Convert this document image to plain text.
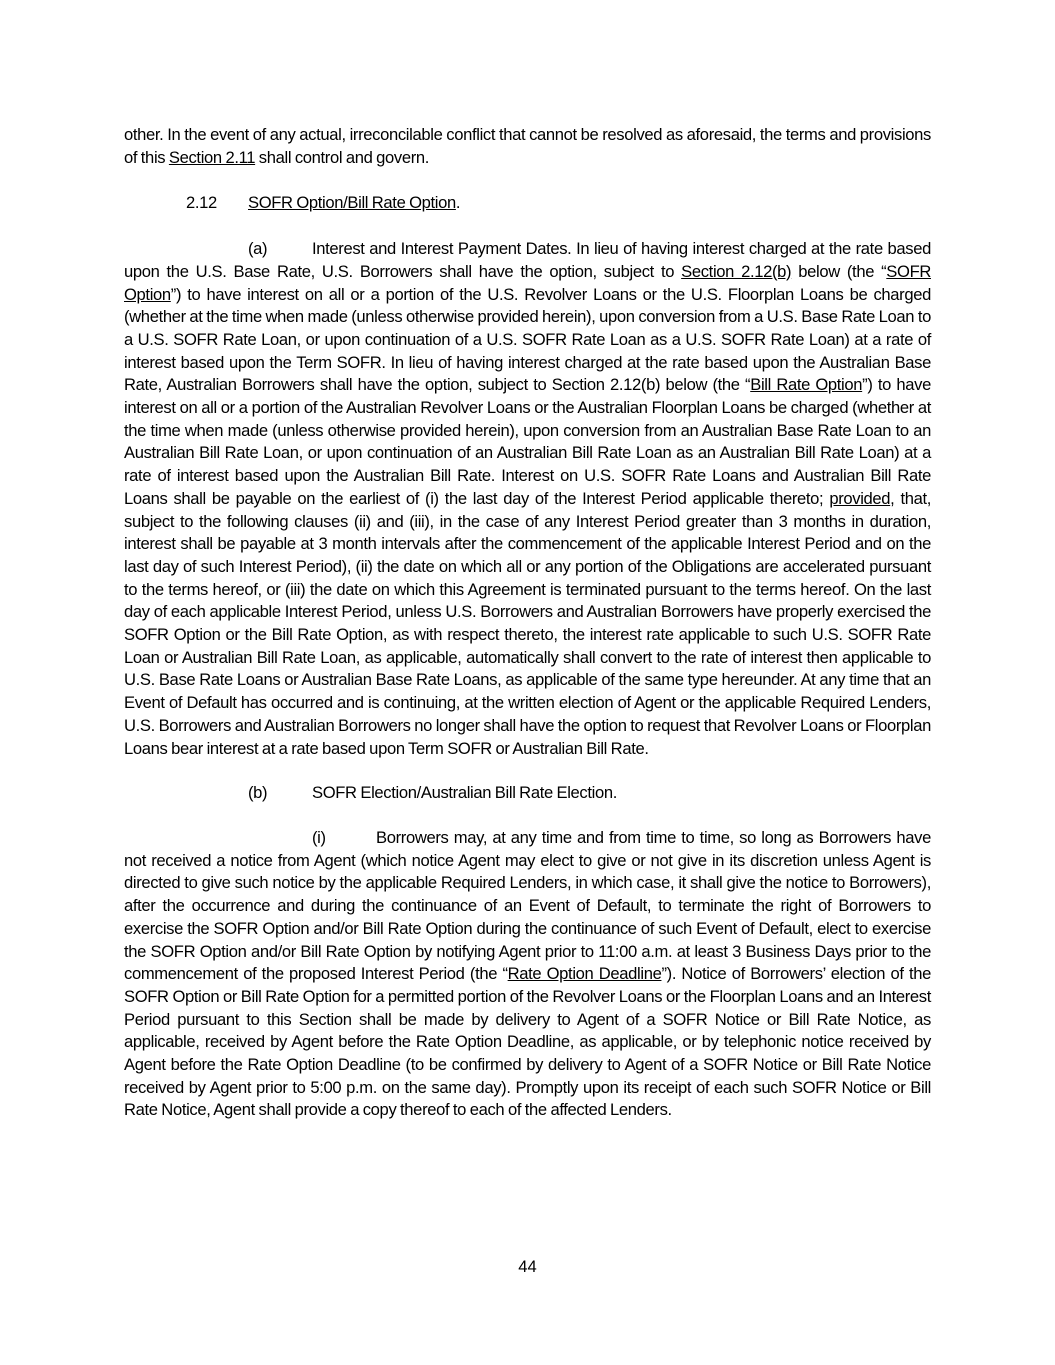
other. In the event of any actual, irreconcilable conflict that cannot be resolved as aforesaid, the terms and provisions of this Section 2.11 shall control and govern.

2.12	SOFR Option/Bill Rate Option.

(a)	Interest and Interest Payment Dates. In lieu of having interest charged at the rate based upon the U.S. Base Rate, U.S. Borrowers shall have the option, subject to Section 2.12(b) below (the “SOFR Option”) to have interest on all or a portion of the U.S. Revolver Loans or the U.S. Floorplan Loans be charged (whether at the time when made (unless otherwise provided herein), upon conversion from a U.S. Base Rate Loan to a U.S. SOFR Rate Loan, or upon continuation of a U.S. SOFR Rate Loan as a U.S. SOFR Rate Loan) at a rate of interest based upon the Term SOFR. In lieu of having interest charged at the rate based upon the Australian Base Rate, Australian Borrowers shall have the option, subject to Section 2.12(b) below (the “Bill Rate Option”) to have interest on all or a portion of the Australian Revolver Loans or the Australian Floorplan Loans be charged (whether at the time when made (unless otherwise provided herein), upon conversion from an Australian Base Rate Loan to an Australian Bill Rate Loan, or upon continuation of an Australian Bill Rate Loan as an Australian Bill Rate Loan) at a rate of interest based upon the Australian Bill Rate. Interest on U.S. SOFR Rate Loans and Australian Bill Rate Loans shall be payable on the earliest of (i) the last day of the Interest Period applicable thereto; provided, that, subject to the following clauses (ii) and (iii), in the case of any Interest Period greater than 3 months in duration, interest shall be payable at 3 month intervals after the commencement of the applicable Interest Period and on the last day of such Interest Period), (ii) the date on which all or any portion of the Obligations are accelerated pursuant to the terms hereof, or (iii) the date on which this Agreement is terminated pursuant to the terms hereof. On the last day of each applicable Interest Period, unless U.S. Borrowers and Australian Borrowers have properly exercised the SOFR Option or the Bill Rate Option, as with respect thereto, the interest rate applicable to such U.S. SOFR Rate Loan or Australian Bill Rate Loan, as applicable, automatically shall convert to the rate of interest then applicable to U.S. Base Rate Loans or Australian Base Rate Loans, as applicable of the same type hereunder. At any time that an Event of Default has occurred and is continuing, at the written election of Agent or the applicable Required Lenders, U.S. Borrowers and Australian Borrowers no longer shall have the option to request that Revolver Loans or Floorplan Loans bear interest at a rate based upon Term SOFR or Australian Bill Rate.

(b)	SOFR Election/Australian Bill Rate Election.

(i)	Borrowers may, at any time and from time to time, so long as Borrowers have not received a notice from Agent (which notice Agent may elect to give or not give in its discretion unless Agent is directed to give such notice by the applicable Required Lenders, in which case, it shall give the notice to Borrowers), after the occurrence and during the continuance of an Event of Default, to terminate the right of Borrowers to exercise the SOFR Option and/or Bill Rate Option during the continuance of such Event of Default, elect to exercise the SOFR Option and/or Bill Rate Option by notifying Agent prior to 11:00 a.m. at least 3 Business Days prior to the commencement of the proposed Interest Period (the “Rate Option Deadline”). Notice of Borrowers’ election of the SOFR Option or Bill Rate Option for a permitted portion of the Revolver Loans or the Floorplan Loans and an Interest Period pursuant to this Section shall be made by delivery to Agent of a SOFR Notice or Bill Rate Notice, as applicable, received by Agent before the Rate Option Deadline, as applicable, or by telephonic notice received by Agent before the Rate Option Deadline (to be confirmed by delivery to Agent of a SOFR Notice or Bill Rate Notice received by Agent prior to 5:00 p.m. on the same day). Promptly upon its receipt of each such SOFR Notice or Bill Rate Notice, Agent shall provide a copy thereof to each of the affected Lenders.

44
